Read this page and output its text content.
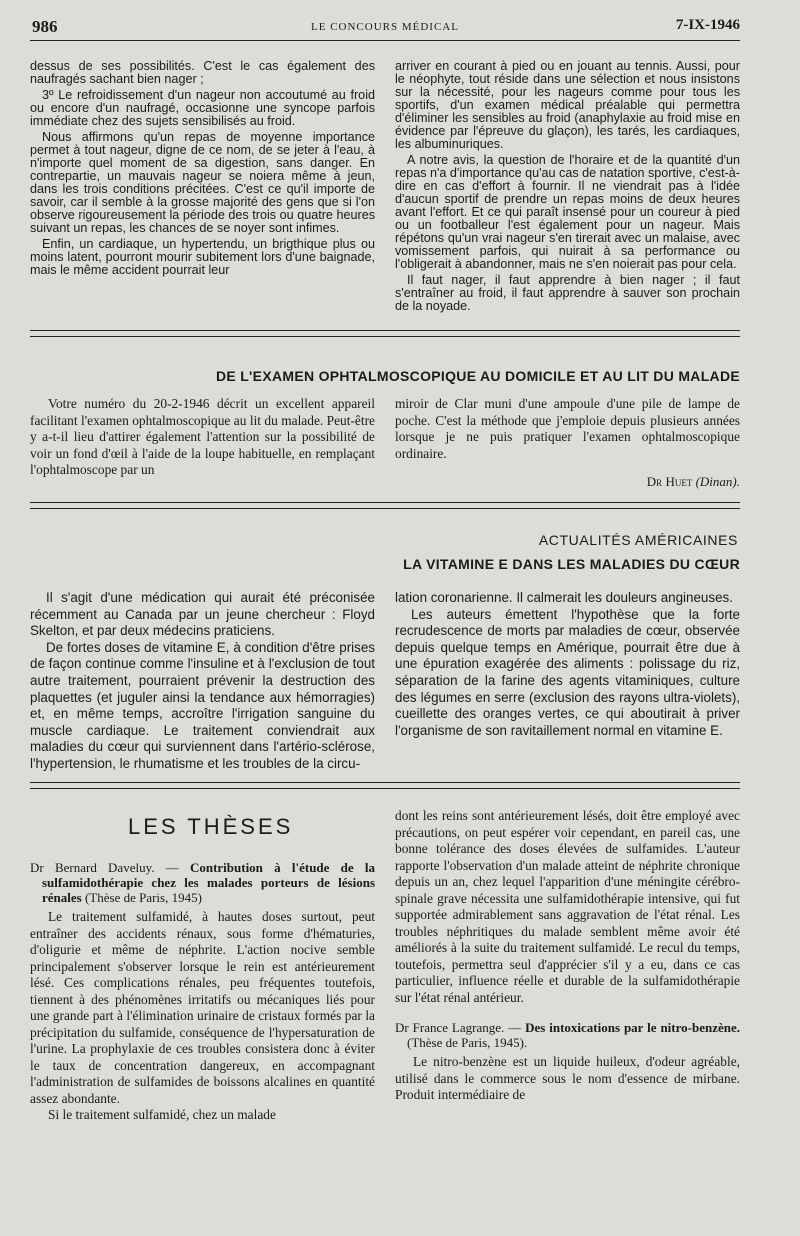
986	LE CONCOURS MÉDICAL	7-IX-1946

dessus de ses possibilités. C'est le cas également des naufragés sachant bien nager ;

3º Le refroidissement d'un nageur non accoutumé au froid ou encore d'un naufragé, occasionne une syncope parfois immédiate chez des sujets sensibilisés au froid.

Nous affirmons qu'un repas de moyenne importance permet à tout nageur, digne de ce nom, de se jeter à l'eau, à n'importe quel moment de sa digestion, sans danger. En contrepartie, un mauvais nageur se noiera même à jeun, dans les trois conditions précitées. C'est ce qu'il importe de savoir, car il semble à la grosse majorité des gens que si l'on observe rigoureusement la période des trois ou quatre heures suivant un repas, les chances de se noyer sont infimes.

Enfin, un cardiaque, un hypertendu, un brigthique plus ou moins latent, pourront mourir subitement lors d'une baignade, mais le même accident pourrait leur

arriver en courant à pied ou en jouant au tennis. Aussi, pour le néophyte, tout réside dans une sélection et nous insistons sur la nécessité, pour les nageurs comme pour tous les sportifs, d'un examen médical préalable qui permettra d'éliminer les sensibles au froid (anaphylaxie au froid mise en évidence par l'épreuve du glaçon), les tarés, les cardiaques, les albuminuriques.

A notre avis, la question de l'horaire et de la quantité d'un repas n'a d'importance qu'au cas de natation sportive, c'est-à-dire en cas d'effort à fournir. Il ne viendrait pas à l'idée d'aucun sportif de prendre un repas moins de deux heures avant l'effort. Et ce qui paraît insensé pour un coureur à pied ou un footballeur l'est également pour un nageur. Mais répétons qu'un vrai nageur s'en tirerait avec un malaise, avec vomissement parfois, qui nuirait à sa performance ou l'obligerait à abandonner, mais ne s'en noierait pas pour cela.

Il faut nager, il faut apprendre à bien nager ; il faut s'entraîner au froid, il faut apprendre à sauver son prochain de la noyade.

DE L'EXAMEN OPHTALMOSCOPIQUE AU DOMICILE ET AU LIT DU MALADE

Votre numéro du 20-2-1946 décrit un excellent appareil facilitant l'examen ophtalmoscopique au lit du malade. Peut-être y a-t-il lieu d'attirer également l'attention sur la possibilité de voir un fond d'œil à l'aide de la loupe habituelle, en remplaçant l'ophtalmoscope par un

miroir de Clar muni d'une ampoule d'une pile de lampe de poche. C'est la méthode que j'emploie depuis plusieurs années lorsque je ne puis pratiquer l'examen ophtalmoscopique ordinaire.

Dr Huet (Dinan).
ACTUALITÉS AMÉRICAINES
LA VITAMINE E DANS LES MALADIES DU CŒUR

Il s'agit d'une médication qui aurait été préconisée récemment au Canada par un jeune chercheur : Floyd Skelton, et par deux médecins praticiens.

De fortes doses de vitamine E, à condition d'être prises de façon continue comme l'insuline et à l'exclusion de tout autre traitement, pourraient prévenir la destruction des plaquettes (et juguler ainsi la tendance aux hémorragies) et, en même temps, accroître l'irrigation sanguine du muscle cardiaque. Le traitement conviendrait aux maladies du cœur qui surviennent dans l'artério-sclérose, l'hypertension, le rhumatisme et les troubles de la circu-

lation coronarienne. Il calmerait les douleurs angineuses.

Les auteurs émettent l'hypothèse que la forte recrudescence de morts par maladies de cœur, observée depuis quelque temps en Amérique, pourrait être due à une épuration exagérée des aliments : polissage du riz, séparation de la farine des agents vitaminiques, culture des légumes en serre (exclusion des rayons ultra-violets), cueillette des oranges vertes, ce qui aboutirait à priver l'organisme de son ravitaillement normal en vitamine E.

LES THÈSES
Dr Bernard Daveluy. — Contribution à l'étude de la sulfamidothérapie chez les malades porteurs de lésions rénales (Thèse de Paris, 1945)

Le traitement sulfamidé, à hautes doses surtout, peut entraîner des accidents rénaux, sous forme d'hématuries, d'oligurie et même de néphrite. L'action nocive semble principalement s'observer lorsque le rein est antérieurement lésé. Ces complications rénales, peu fréquentes toutefois, tiennent à des phénomènes irritatifs ou mécaniques liés pour une grande part à l'élimination urinaire de cristaux formés par la précipitation du sulfamide, conséquence de l'hypersaturation de l'urine. La prophylaxie de ces troubles consistera donc à éviter le taux de concentration dangereux, en accompagnant l'administration de sulfamides de boissons alcalines en quantité assez abondante.

Si le traitement sulfamidé, chez un malade

dont les reins sont antérieurement lésés, doit être employé avec précautions, on peut espérer voir cependant, en pareil cas, une bonne tolérance des doses élevées de sulfamides. L'auteur rapporte l'observation d'un malade atteint de néphrite chronique depuis un an, chez lequel l'apparition d'une méningite cérébro-spinale grave nécessita une sulfamidothérapie intensive, qui fut supportée admirablement sans aggravation de l'état rénal. Les troubles néphritiques du malade semblent même avoir été améliorés à la suite du traitement sulfamidé. Le recul du temps, toutefois, permettra seul d'apprécier s'il y a eu, dans ce cas particulier, influence réelle et durable de la sulfamidothérapie sur l'état rénal antérieur.

Dr France Lagrange. — Des intoxications par le nitro-benzène. (Thèse de Paris, 1945).

Le nitro-benzène est un liquide huileux, d'odeur agréable, utilisé dans le commerce sous le nom d'essence de mirbane. Produit intermédiaire de
